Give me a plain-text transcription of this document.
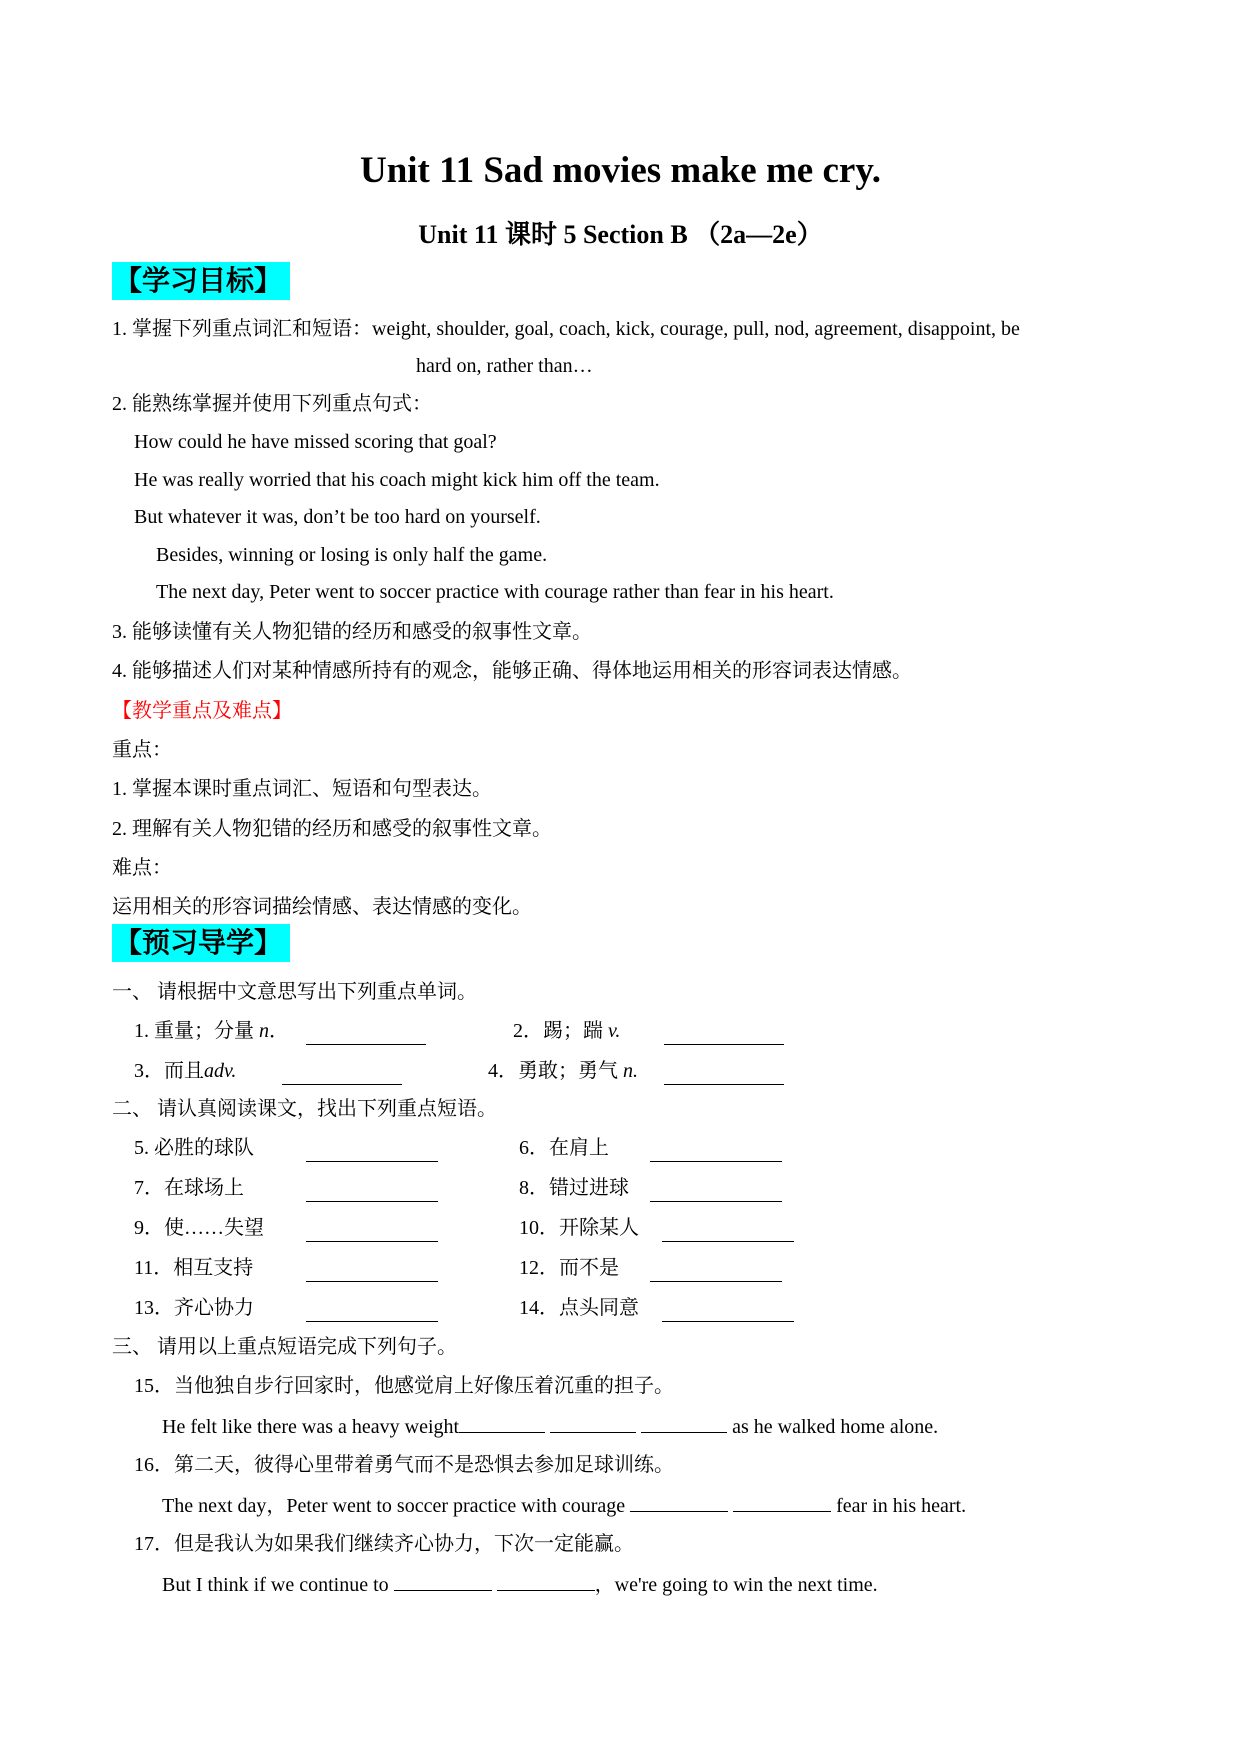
Unit 11 Sad movies make me cry.
Unit 11 课时 5 Section B （2a—2e）
【学习目标】
1. 掌握下列重点词汇和短语：weight, shoulder, goal, coach, kick, courage, pull, nod, agreement, disappoint, be
hard on, rather than…
2. 能熟练掌握并使用下列重点句式：
How could he have missed scoring that goal?
He was really worried that his coach might kick him off the team.
But whatever it was, don’t be too hard on yourself.
Besides, winning or losing is only half the game.
The next day, Peter went to soccer practice with courage rather than fear in his heart.
3. 能够读懂有关人物犯错的经历和感受的叙事性文章。
4. 能够描述人们对某种情感所持有的观念，能够正确、得体地运用相关的形容词表达情感。
【教学重点及难点】
重点：
1. 掌握本课时重点词汇、短语和句型表达。
2. 理解有关人物犯错的经历和感受的叙事性文章。
难点：
运用相关的形容词描绘情感、表达情感的变化。
【预习导学】
一、 请根据中文意思写出下列重点单词。
1. 重量；分量 n．	2．踢；踹 v.
3．而且adv.	4．勇敢；勇气 n.
二、 请认真阅读课文，找出下列重点短语。
5. 必胜的球队	6．在肩上
7．在球场上	8．错过进球
9．使……失望	10．开除某人
11．相互支持	12．而不是
13．齐心协力	14．点头同意
三、 请用以上重点短语完成下列句子。
15．当他独自步行回家时，他感觉肩上好像压着沉重的担子。
He felt like there was a heavy weight	as he walked home alone.
16．第二天，彼得心里带着勇气而不是恐惧去参加足球训练。
The next day，Peter went to soccer practice with courage	fear in his heart.
17．但是我认为如果我们继续齐心协力，下次一定能赢。
But I think if we continue to	，we're going to win the next time.
